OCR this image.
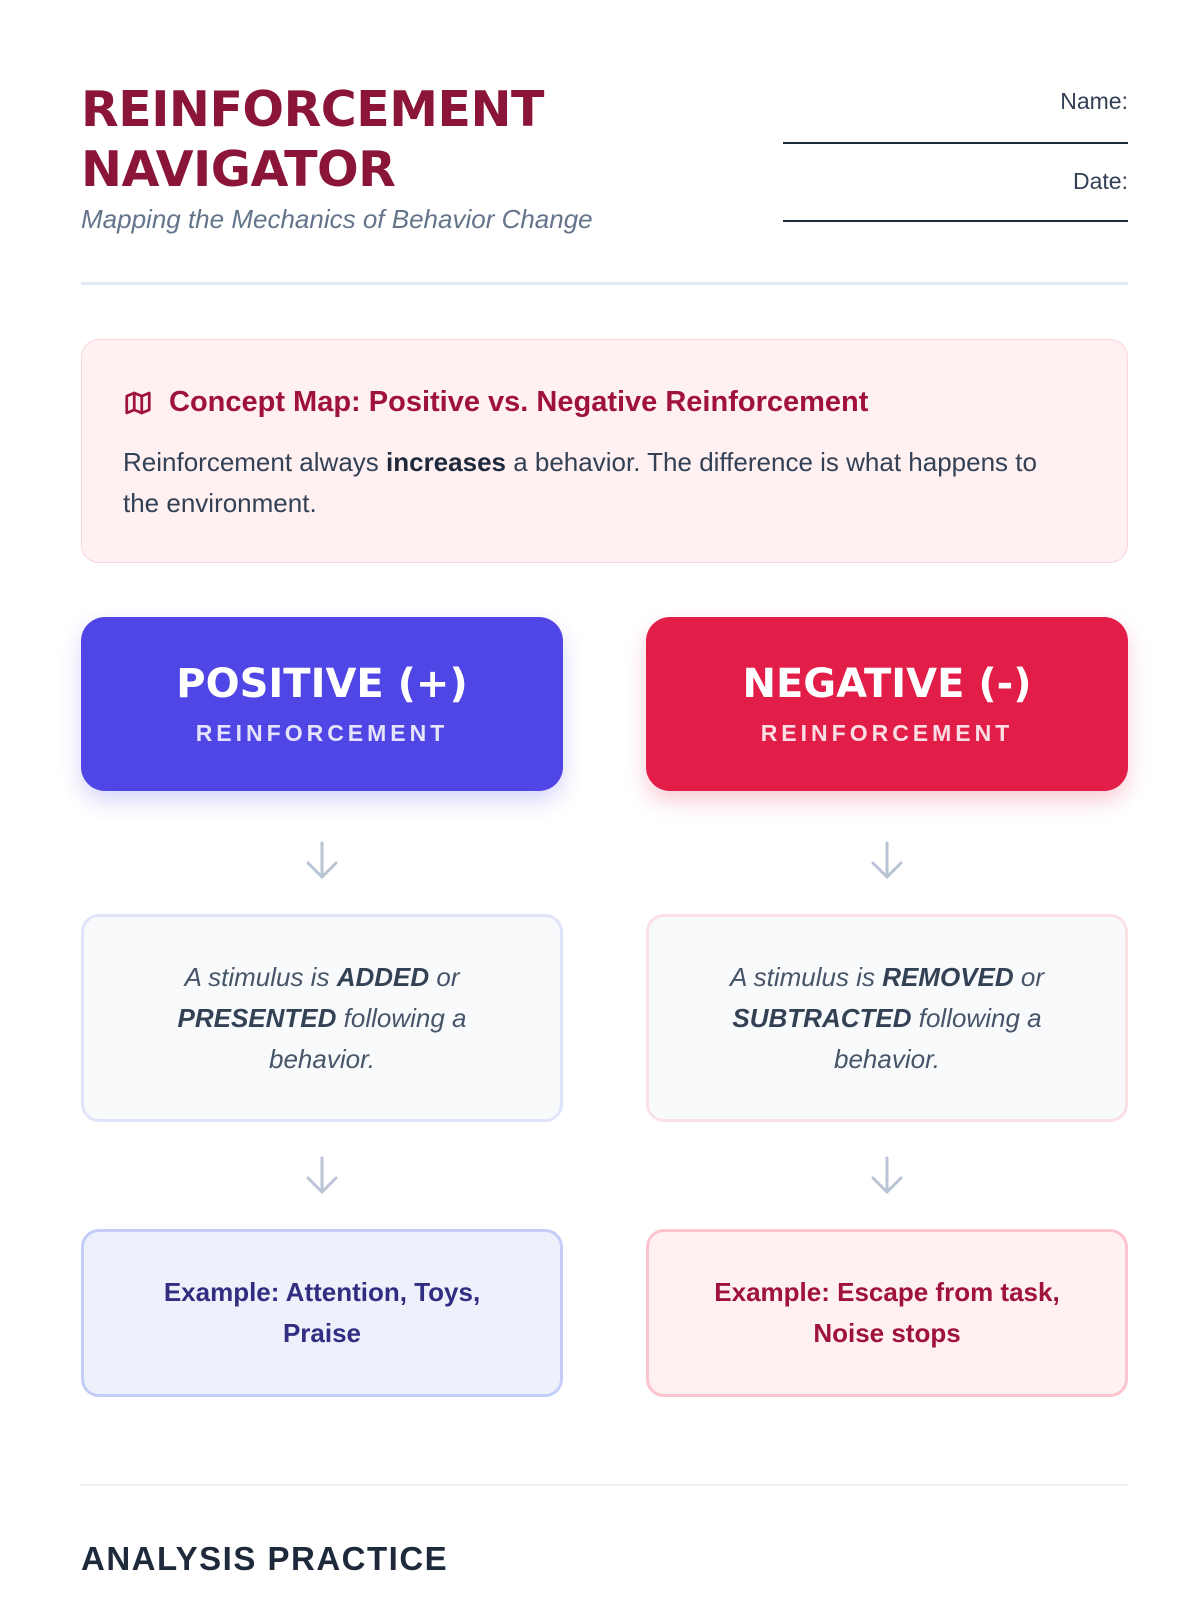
REINFORCEMENT
NAVIGATOR
Mapping the Mechanics of Behavior Change
Name:
Date:
Concept Map: Positive vs. Negative Reinforcement
Reinforcement always increases a behavior. The difference is what happens to the environment.
POSITIVE (+)
REINFORCEMENT
A stimulus is ADDED or PRESENTED following a behavior.
Example: Attention, Toys, Praise
NEGATIVE (-)
REINFORCEMENT
A stimulus is REMOVED or SUBTRACTED following a behavior.
Example: Escape from task, Noise stops
ANALYSIS PRACTICE
